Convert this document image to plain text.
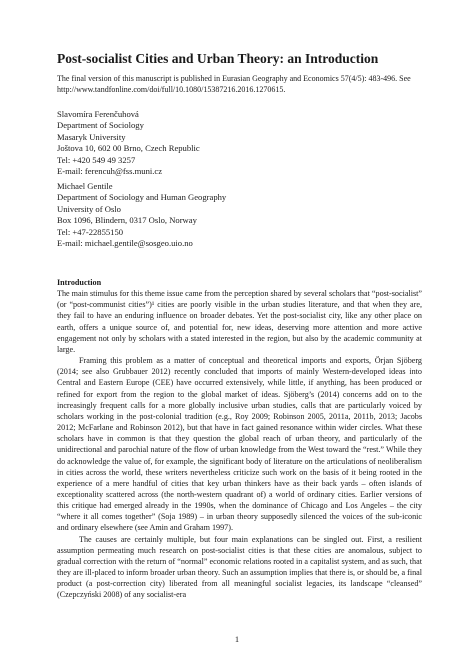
Post-socialist Cities and Urban Theory: an Introduction
The final version of this manuscript is published in Eurasian Geography and Economics 57(4/5): 483-496. See http://www.tandfonline.com/doi/full/10.1080/15387216.2016.1270615.
Slavomíra Ferenčuhová
Department of Sociology
Masaryk University
Joštova 10, 602 00 Brno, Czech Republic
Tel: +420 549 49 3257
E-mail: ferencuh@fss.muni.cz
Michael Gentile
Department of Sociology and Human Geography
University of Oslo
Box 1096, Blindern, 0317 Oslo, Norway
Tel: +47-22855150
E-mail: michael.gentile@sosgeo.uio.no
Introduction

The main stimulus for this theme issue came from the perception shared by several scholars that “post-socialist” (or “post-communist cities”)¹ cities are poorly visible in the urban studies literature, and that when they are, they fail to have an enduring influence on broader debates. Yet the post-socialist city, like any other place on earth, offers a unique source of, and potential for, new ideas, deserving more attention and more active engagement not only by scholars with a stated interested in the region, but also by the academic community at large.

Framing this problem as a matter of conceptual and theoretical imports and exports, Örjan Sjöberg (2014; see also Grubbauer 2012) recently concluded that imports of mainly Western-developed ideas into Central and Eastern Europe (CEE) have occurred extensively, while little, if anything, has been produced or refined for export from the region to the global market of ideas. Sjöberg’s (2014) concerns add on to the increasingly frequent calls for a more globally inclusive urban studies, calls that are particularly voiced by scholars working in the post-colonial tradition (e.g., Roy 2009; Robinson 2005, 2011a, 2011b, 2013; Jacobs 2012; McFarlane and Robinson 2012), but that have in fact gained resonance within wider circles. What these scholars have in common is that they question the global reach of urban theory, and particularly of the unidirectional and parochial nature of the flow of urban knowledge from the West toward the “rest.” While they do acknowledge the value of, for example, the significant body of literature on the articulations of neoliberalism in cities across the world, these writers nevertheless criticize such work on the basis of it being rooted in the experience of a mere handful of cities that key urban thinkers have as their back yards – often islands of exceptionality scattered across (the north-western quadrant of) a world of ordinary cities. Earlier versions of this critique had emerged already in the 1990s, when the dominance of Chicago and Los Angeles – the city “where it all comes together” (Soja 1989) – in urban theory supposedly silenced the voices of the sub-iconic and ordinary elsewhere (see Amin and Graham 1997).

The causes are certainly multiple, but four main explanations can be singled out. First, a resilient assumption permeating much research on post-socialist cities is that these cities are anomalous, subject to gradual correction with the return of “normal” economic relations rooted in a capitalist system, and as such, that they are ill-placed to inform broader urban theory. Such an assumption implies that there is, or should be, a final product (a post-correction city) liberated from all meaningful socialist legacies, its landscape “cleansed” (Czepczyński 2008) of any socialist-era

1
